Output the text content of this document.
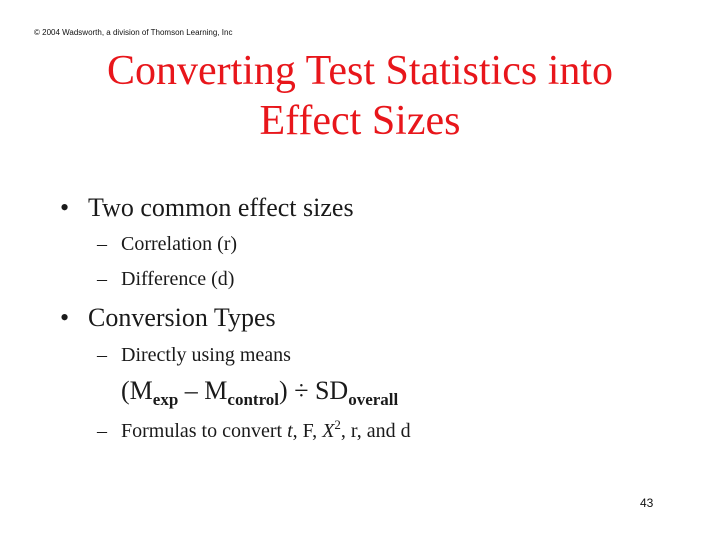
© 2004 Wadsworth, a division of Thomson Learning, Inc
Converting Test Statistics into
Effect Sizes
• Two common effect sizes
– Correlation (r)
– Difference (d)
• Conversion Types
– Directly using means
$(M_{exp} - M_{control}) \div SD_{overall}$
– Formulas to convert t, F, $X^2$, r, and d
43
